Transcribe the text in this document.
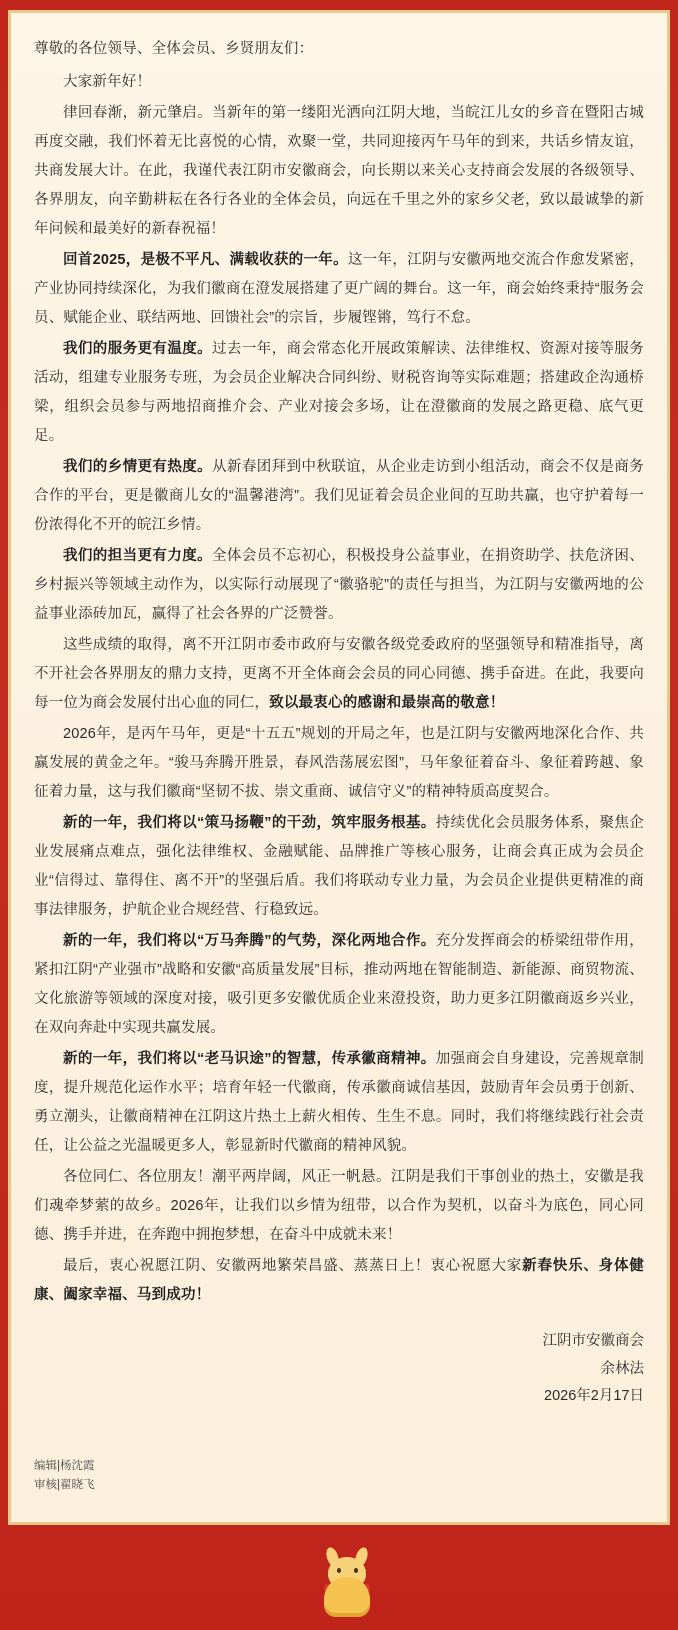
尊敬的各位领导、全体会员、乡贤朋友们：

大家新年好！

律回春渐，新元肇启。当新年的第一缕阳光洒向江阴大地，当皖江儿女的乡音在暨阳古城再度交融，我们怀着无比喜悦的心情，欢聚一堂，共同迎接丙午马年的到来，共话乡情友谊，共商发展大计。在此，我谨代表江阴市安徽商会，向长期以来关心支持商会发展的各级领导、各界朋友，向辛勤耕耘在各行各业的全体会员，向远在千里之外的家乡父老，致以最诚挚的新年问候和最美好的新春祝福！

回首2025，是极不平凡、满载收获的一年。这一年，江阴与安徽两地交流合作愈发紧密，产业协同持续深化，为我们徽商在澄发展搭建了更广阔的舞台。这一年，商会始终秉持“服务会员、赋能企业、联结两地、回馈社会”的宗旨，步履铿锵，笃行不怠。

我们的服务更有温度。过去一年，商会常态化开展政策解读、法律维权、资源对接等服务活动，组建专业服务专班，为会员企业解决合同纠纷、财税咨询等实际难题；搭建政企沟通桥梁，组织会员参与两地招商推介会、产业对接会多场，让在澄徽商的发展之路更稳、底气更足。

我们的乡情更有热度。从新春团拜到中秋联谊，从企业走访到小组活动，商会不仅是商务合作的平台，更是徽商儿女的“温馨港湾”。我们见证着会员企业间的互助共赢，也守护着每一份浓得化不开的皖江乡情。

我们的担当更有力度。全体会员不忘初心，积极投身公益事业，在捐资助学、扶危济困、乡村振兴等领域主动作为，以实际行动展现了“徽骆驼”的责任与担当，为江阴与安徽两地的公益事业添砖加瓦，赢得了社会各界的广泛赞誉。

这些成绩的取得，离不开江阴市委市政府与安徽各级党委政府的坚强领导和精准指导，离不开社会各界朋友的鼎力支持，更离不开全体商会会员的同心同德、携手奋进。在此，我要向每一位为商会发展付出心血的同仁，致以最衷心的感谢和最崇高的敬意！

2026年，是丙午马年，更是“十五五”规划的开局之年，也是江阴与安徽两地深化合作、共赢发展的黄金之年。“骏马奔腾开胜景，春风浩荡展宏图”，马年象征着奋斗、象征着跨越、象征着力量，这与我们徽商“坚韧不拔、崇文重商、诚信守义”的精神特质高度契合。

新的一年，我们将以“策马扬鞭”的干劲，筑牢服务根基。持续优化会员服务体系，聚焦企业发展痛点难点，强化法律维权、金融赋能、品牌推广等核心服务，让商会真正成为会员企业“信得过、靠得住、离不开”的坚强后盾。我们将联动专业力量，为会员企业提供更精准的商事法律服务，护航企业合规经营、行稳致远。

新的一年，我们将以“万马奔腾”的气势，深化两地合作。充分发挥商会的桥梁纽带作用，紧扣江阴“产业强市”战略和安徽“高质量发展”目标，推动两地在智能制造、新能源、商贸物流、文化旅游等领域的深度对接，吸引更多安徽优质企业来澄投资，助力更多江阴徽商返乡兴业，在双向奔赴中实现共赢发展。

新的一年，我们将以“老马识途”的智慧，传承徽商精神。加强商会自身建设，完善规章制度，提升规范化运作水平；培育年轻一代徽商，传承徽商诚信基因，鼓励青年会员勇于创新、勇立潮头，让徽商精神在江阴这片热土上薪火相传、生生不息。同时，我们将继续践行社会责任，让公益之光温暖更多人，彰显新时代徽商的精神风貌。

各位同仁、各位朋友！潮平两岸阔，风正一帆悬。江阴是我们干事创业的热土，安徽是我们魂牵梦萦的故乡。2026年，让我们以乡情为纽带，以合作为契机，以奋斗为底色，同心同德、携手并进，在奔跑中拥抱梦想，在奋斗中成就未来！

最后，衷心祝愿江阴、安徽两地繁荣昌盛、蒸蒸日上！衷心祝愿大家新春快乐、身体健康、阖家幸福、马到成功！

江阴市安徽商会
余林法
2026年2月17日
编辑|杨沈霞
审核|翟晓飞
